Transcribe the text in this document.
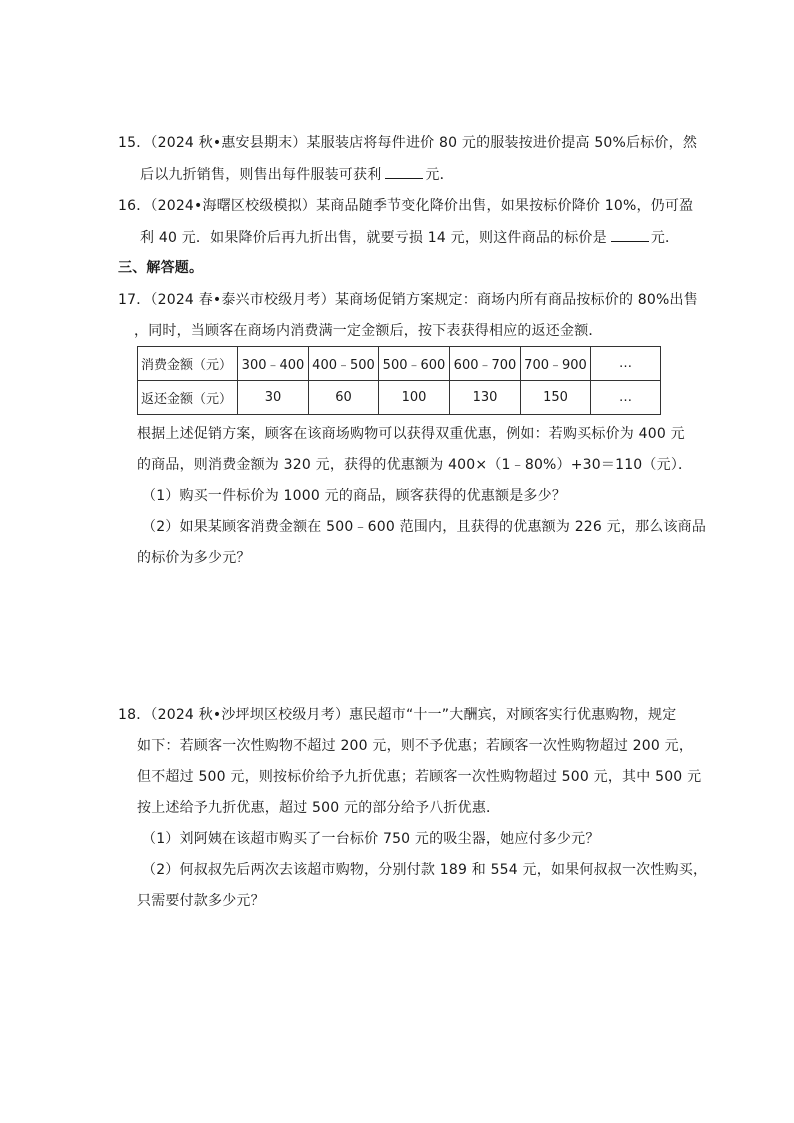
15．（2024 秋•惠安县期末）某服装店将每件进价 80 元的服装按进价提高 50%后标价，然
后以九折销售，则售出每件服装可获利	元．
16．（2024•海曙区校级模拟）某商品随季节变化降价出售，如果按标价降价 10%，仍可盈
利 40 元．如果降价后再九折出售，就要亏损 14 元，则这件商品的标价是	元．
三、解答题。
17．（2024 春•泰兴市校级月考）某商场促销方案规定：商场内所有商品按标价的 80%出售
，同时，当顾客在商场内消费满一定金额后，按下表获得相应的返还金额．
消费金额（元）	300﹣400	400﹣500	500﹣600	600﹣700	700﹣900	…
返还金额（元）	30	60	100	130	150	…
根据上述促销方案，顾客在该商场购物可以获得双重优惠，例如：若购买标价为 400 元
的商品，则消费金额为 320 元，获得的优惠额为 400×（1﹣80%）+30＝110（元）．
（1）购买一件标价为 1000 元的商品，顾客获得的优惠额是多少？
（2）如果某顾客消费金额在 500﹣600 范围内，且获得的优惠额为 226 元，那么该商品
的标价为多少元？
18．（2024 秋•沙坪坝区校级月考）惠民超市“十一”大酬宾，对顾客实行优惠购物，规定
如下：若顾客一次性购物不超过 200 元，则不予优惠；若顾客一次性购物超过 200 元，
但不超过 500 元，则按标价给予九折优惠；若顾客一次性购物超过 500 元，其中 500 元
按上述给予九折优惠，超过 500 元的部分给予八折优惠．
（1）刘阿姨在该超市购买了一台标价 750 元的吸尘器，她应付多少元？
（2）何叔叔先后两次去该超市购物，分别付款 189 和 554 元，如果何叔叔一次性购买，
只需要付款多少元？
